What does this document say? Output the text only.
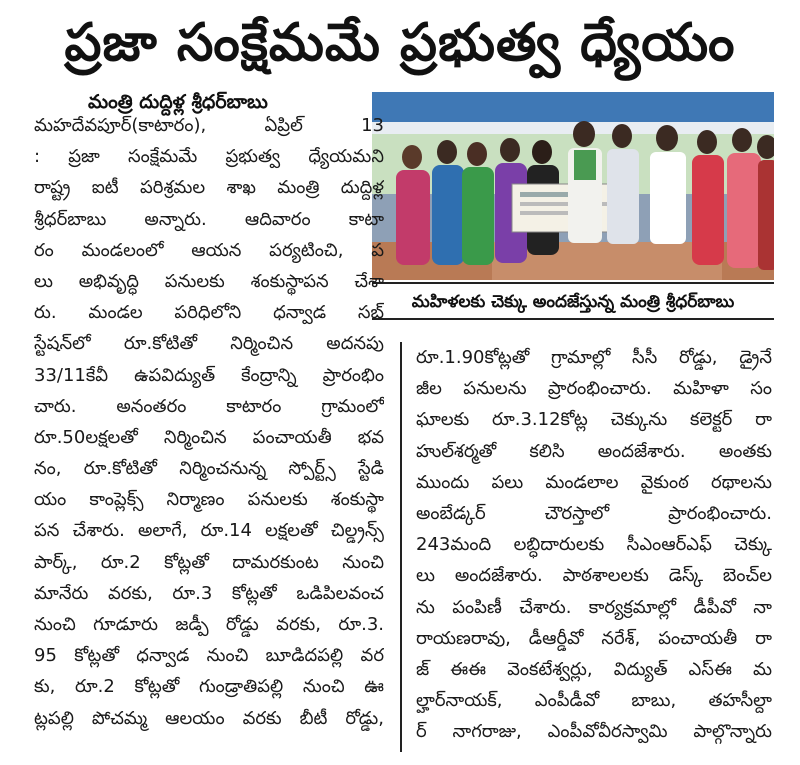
ప్రజా సంక్షేమమే ప్రభుత్వ ధ్యేయం
మంత్రి దుద్దిళ్ల శ్రీధర్‌బాబు
మహిళలకు చెక్కు అందజేస్తున్న మంత్రి శ్రీధర్‌బాబు
మహదేవపూర్(కాటారం), ఏప్రిల్ 13
: ప్రజా సంక్షేమమే ప్రభుత్వ ధ్యేయమని
రాష్ట్ర ఐటీ పరిశ్రమల శాఖ మంత్రి దుద్దిళ్ల
శ్రీధర్‌బాబు అన్నారు. ఆదివారం కాటా
రం మండలంలో ఆయన పర్యటించి, ప
లు అభివృద్ధి పనులకు శంకుస్థాపన చేశా
రు. మండల పరిధిలోని ధన్వాడ సబ్
స్టేషన్‌లో రూ.కోటితో నిర్మించిన అదనపు
33/11కేవీ ఉపవిద్యుత్ కేంద్రాన్ని ప్రారంభిం
చారు. అనంతరం కాటారం గ్రామంలో
రూ.50లక్షలతో నిర్మించిన పంచాయతీ భవ
నం, రూ.కోటితో నిర్మించనున్న స్పోర్ట్స్ స్టేడి
యం కాంప్లెక్స్ నిర్మాణం పనులకు శంకుస్థా
పన చేశారు. అలాగే, రూ.14 లక్షలతో చిల్డ్రన్స్
పార్క్, రూ.2 కోట్లతో దామరకుంట నుంచి
మానేరు వరకు, రూ.3 కోట్లతో ఒడిపిలవంచ
నుంచి గూడూరు జడ్పీ రోడ్డు వరకు, రూ.3.
95 కోట్లతో ధన్వాడ నుంచి బూడిదపల్లి వర
కు, రూ.2 కోట్లతో గుండ్రాతిపల్లి నుంచి ఊ
ట్లపల్లి పోచమ్మ ఆలయం వరకు బీటీ రోడ్డు,
రూ.1.90కోట్లతో గ్రామాల్లో సీసీ రోడ్డు, డ్రైనే
జీల పనులను ప్రారంభించారు. మహిళా సం
ఘాలకు రూ.3.12కోట్ల చెక్కును కలెక్టర్ రా
హుల్‌శర్మతో కలిసి అందజేశారు. అంతకు
ముందు పలు మండలాల వైకుంఠ రథాలను
అంబేడ్కర్ చౌరస్తాలో ప్రారంభించారు.
243మంది లబ్ధిదారులకు సీఎంఆర్ఎఫ్ చెక్కు
లు అందజేశారు. పాఠశాలలకు డెస్క్ బెంచ్‌ల
ను పంపిణీ చేశారు. కార్యక్రమాల్లో డీపీవో నా
రాయణరావు, డీఆర్డీవో నరేశ్, పంచాయతీ రా
జ్ ఈఈ వెంకటేశ్వర్లు, విద్యుత్ ఎస్ఈ మ
ల్హార్‌నాయక్, ఎంపీడీవో బాబు, తహసీల్దా
ర్ నాగరాజు, ఎంపీవోవీరస్వామి పాల్గొన్నారు
